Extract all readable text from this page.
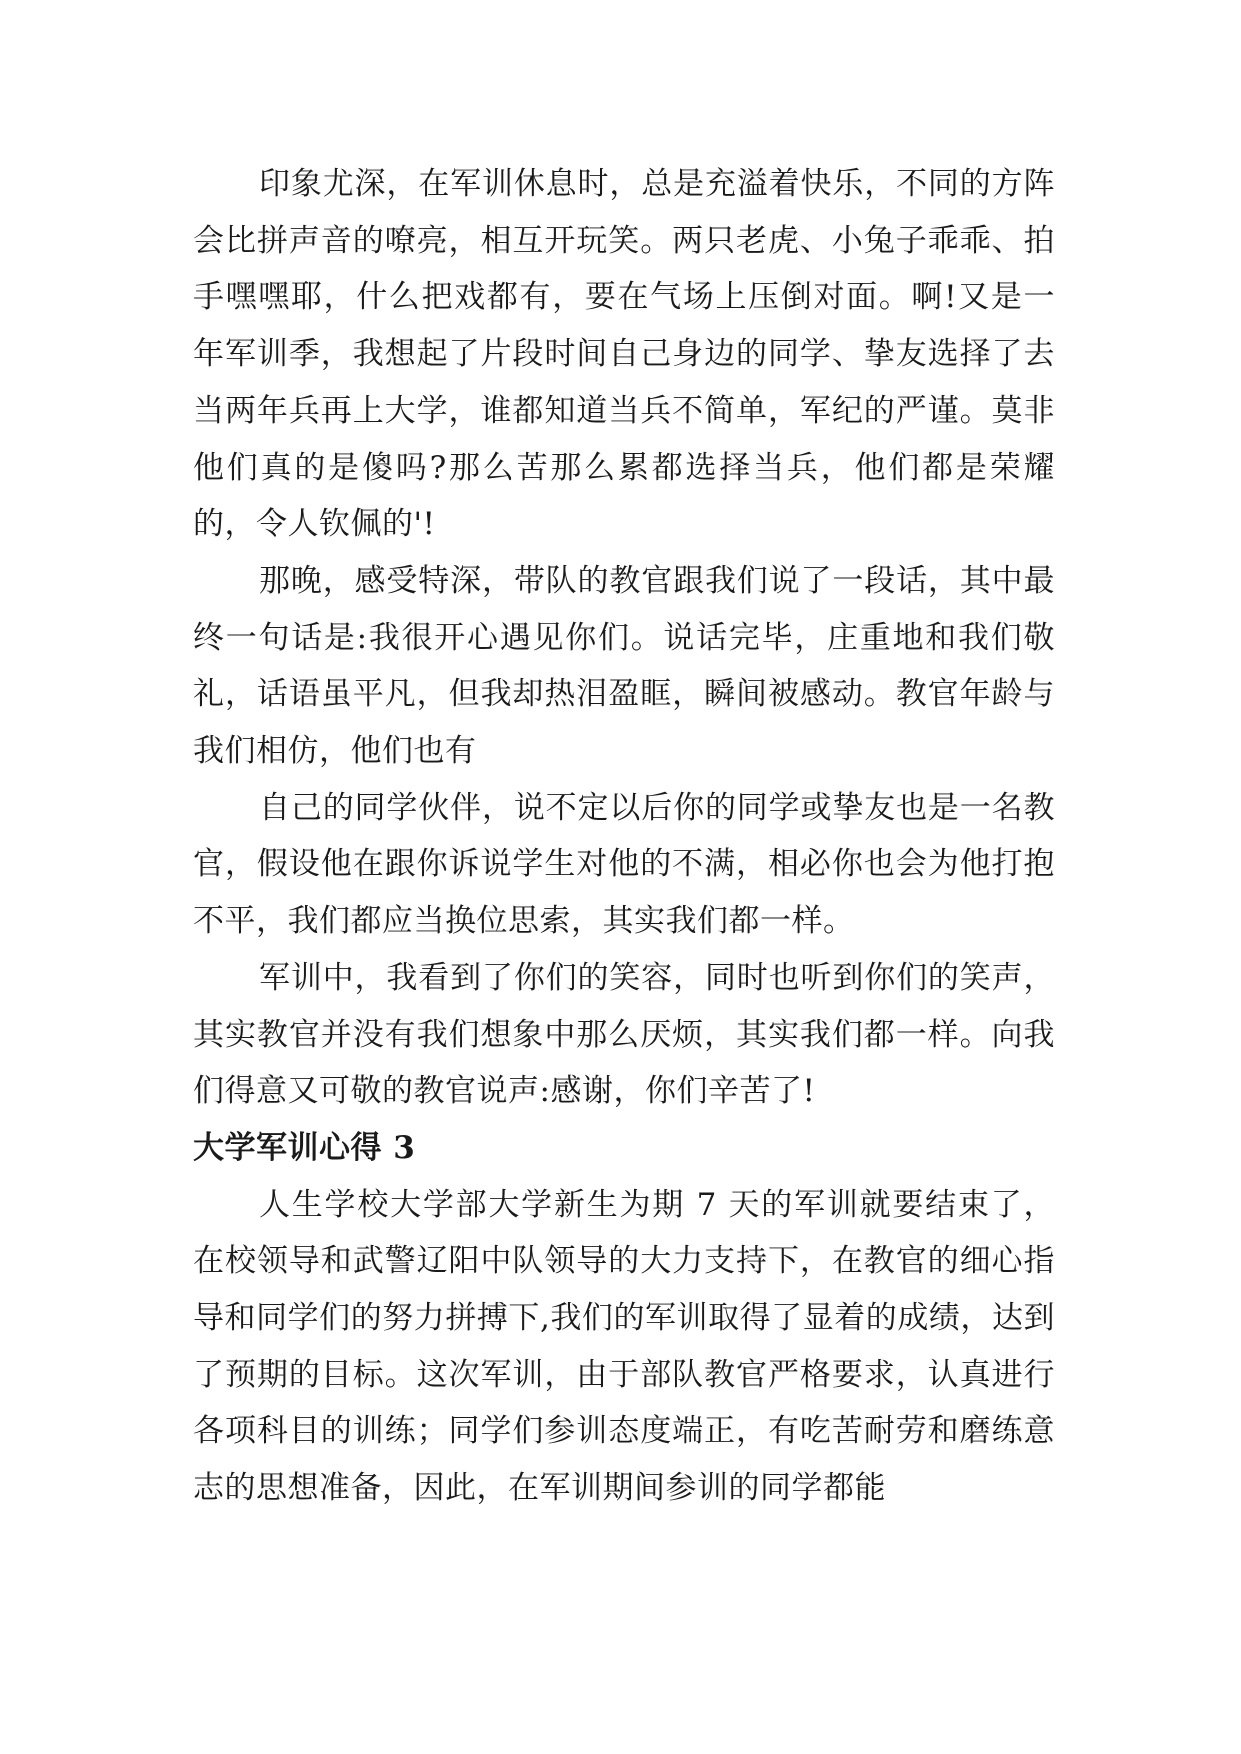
印象尤深，在军训休息时，总是充溢着快乐，不同的方阵会比拼声音的嘹亮，相互开玩笑。两只老虎、小兔子乖乖、拍手嘿嘿耶，什么把戏都有，要在气场上压倒对面。啊!又是一年军训季，我想起了片段时间自己身边的同学、挚友选择了去当两年兵再上大学，谁都知道当兵不简单，军纪的严谨。莫非他们真的是傻吗?那么苦那么累都选择当兵，他们都是荣耀的，令人钦佩的'!

那晚，感受特深，带队的教官跟我们说了一段话，其中最终一句话是:我很开心遇见你们。说话完毕，庄重地和我们敬礼，话语虽平凡，但我却热泪盈眶，瞬间被感动。教官年龄与我们相仿，他们也有

自己的同学伙伴，说不定以后你的同学或挚友也是一名教官，假设他在跟你诉说学生对他的不满，相必你也会为他打抱不平，我们都应当换位思索，其实我们都一样。

军训中，我看到了你们的笑容，同时也听到你们的笑声，其实教官并没有我们想象中那么厌烦，其实我们都一样。向我们得意又可敬的教官说声:感谢，你们辛苦了!

大学军训心得 3

人生学校大学部大学新生为期 7 天的军训就要结束了，在校领导和武警辽阳中队领导的大力支持下，在教官的细心指导和同学们的努力拼搏下,我们的军训取得了显着的成绩，达到了预期的目标。这次军训，由于部队教官严格要求，认真进行各项科目的训练；同学们参训态度端正，有吃苦耐劳和磨练意志的思想准备，因此，在军训期间参训的同学都能
